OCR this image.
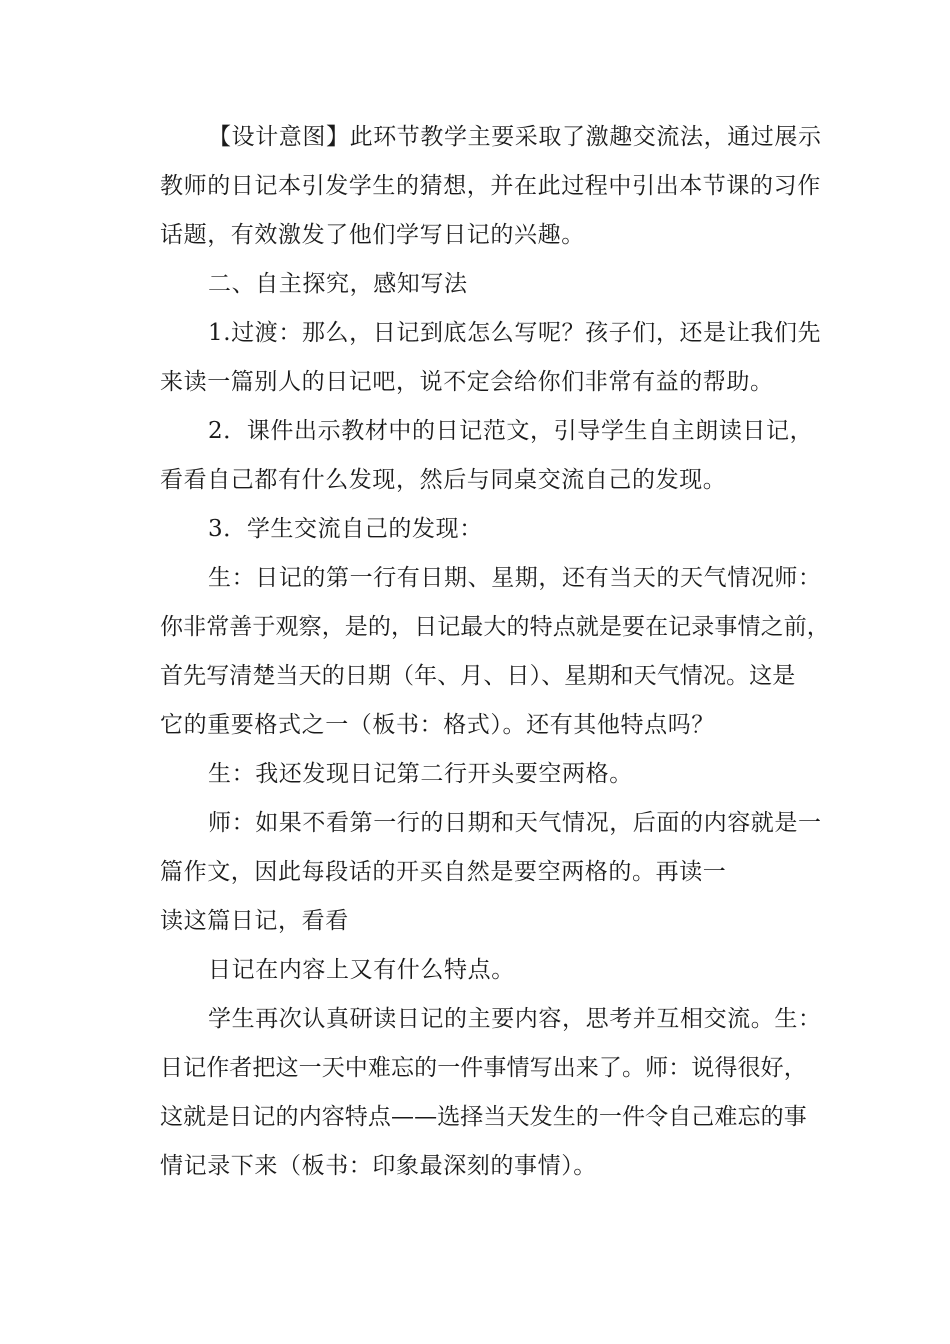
【设计意图】此环节教学主要采取了激趣交流法，通过展示
教师的日记本引发学生的猜想，并在此过程中引出本节课的习作
话题，有效激发了他们学写日记的兴趣。
二、自主探究，感知写法
1.过渡：那么，日记到底怎么写呢？孩子们，还是让我们先
来读一篇别人的日记吧，说不定会给你们非常有益的帮助。
2．课件出示教材中的日记范文，引导学生自主朗读日记，
看看自己都有什么发现，然后与同桌交流自己的发现。
3．学生交流自己的发现：
生：日记的第一行有日期、星期，还有当天的天气情况师：
你非常善于观察，是的，日记最大的特点就是要在记录事情之前，
首先写清楚当天的日期（年、月、日）、星期和天气情况。这是
它的重要格式之一（板书：格式）。还有其他特点吗？
生：我还发现日记第二行开头要空两格。
师：如果不看第一行的日期和天气情况，后面的内容就是一
篇作文，因此每段话的开买自然是要空两格的。再读一
读这篇日记，看看
日记在内容上又有什么特点。
学生再次认真研读日记的主要内容，思考并互相交流。生：
日记作者把这一天中难忘的一件事情写出来了。师：说得很好，
这就是日记的内容特点——选择当天发生的一件令自己难忘的事
情记录下来（板书：印象最深刻的事情）。
